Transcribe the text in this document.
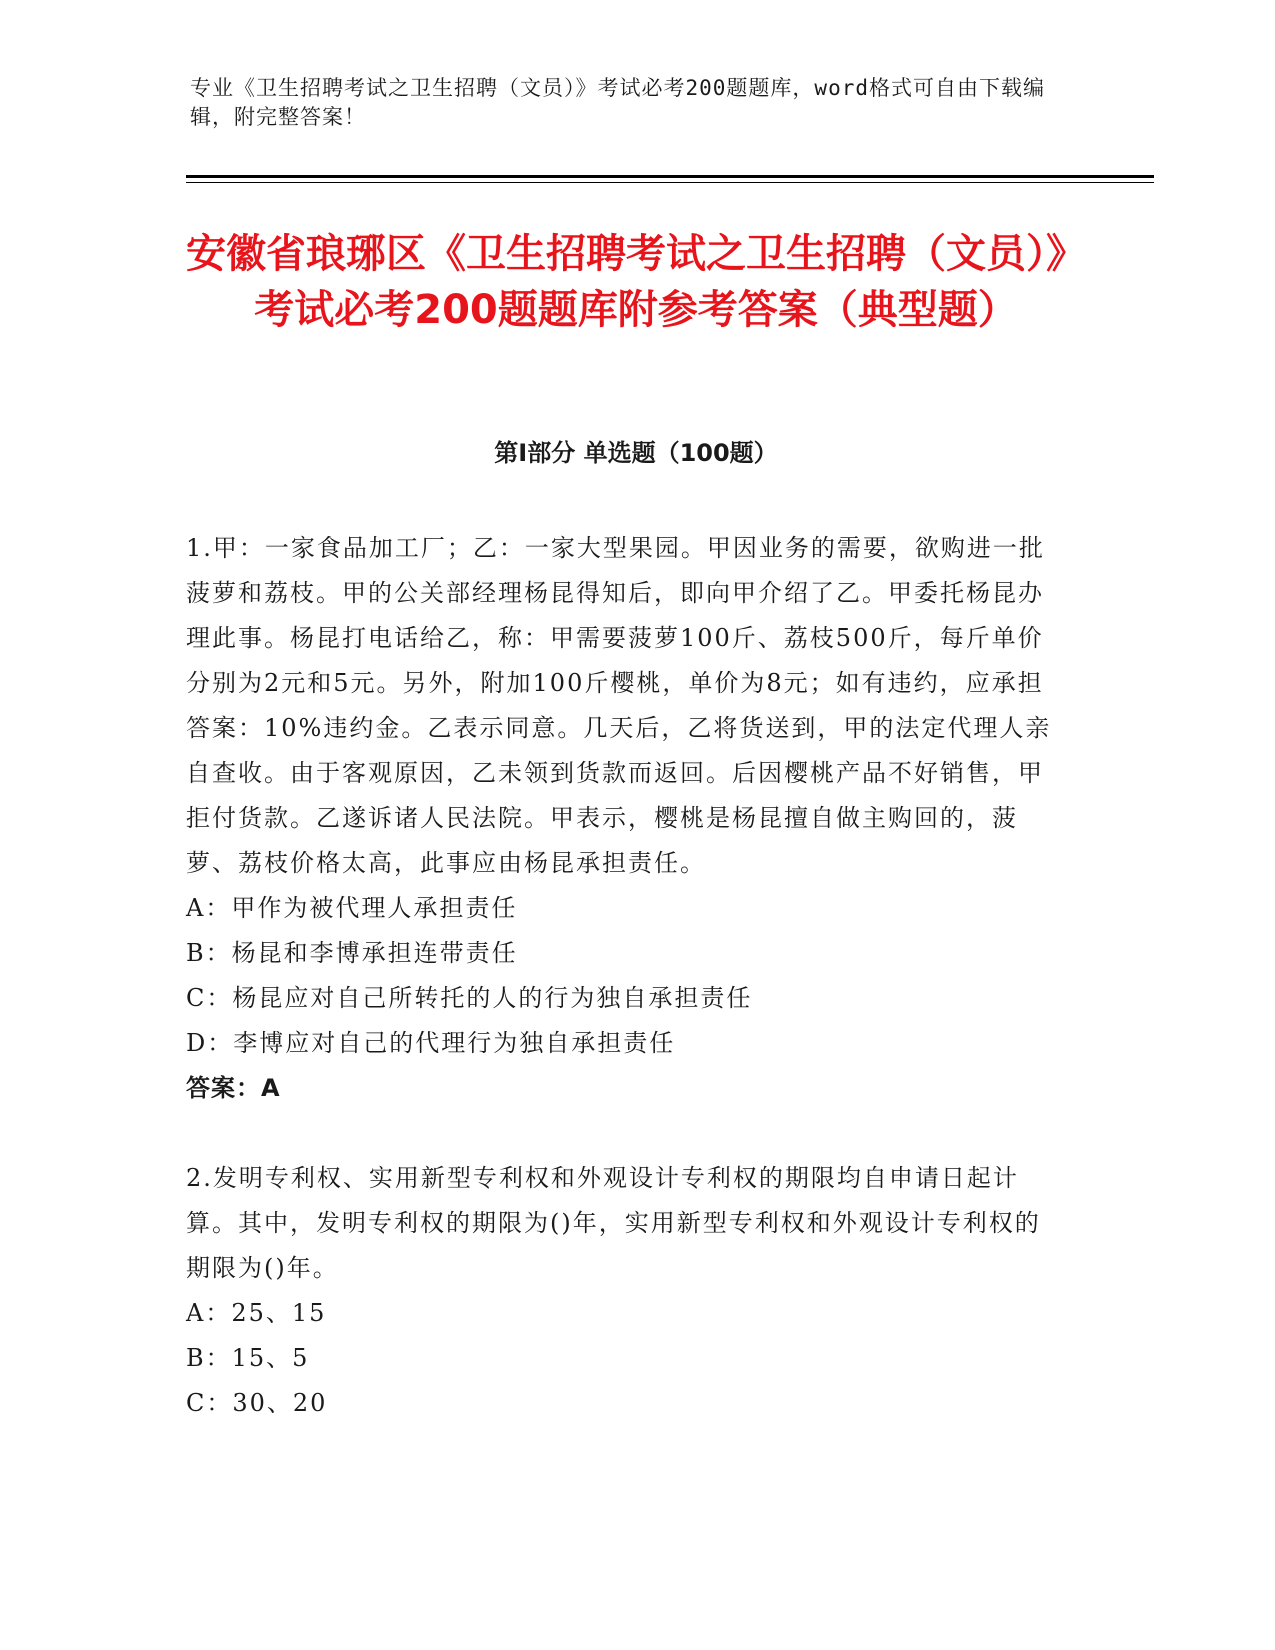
专业《卫生招聘考试之卫生招聘（文员）》考试必考200题题库，word格式可自由下载编辑，附完整答案！
安徽省琅琊区《卫生招聘考试之卫生招聘（文员）》考试必考200题题库附参考答案（典型题）
第I部分 单选题（100题）

1.甲：一家食品加工厂；乙：一家大型果园。甲因业务的需要，欲购进一批菠萝和荔枝。甲的公关部经理杨昆得知后，即向甲介绍了乙。甲委托杨昆办理此事。杨昆打电话给乙，称：甲需要菠萝100斤、荔枝500斤，每斤单价分别为2元和5元。另外，附加100斤樱桃，单价为8元；如有违约，应承担答案：10%违约金。乙表示同意。几天后，乙将货送到，甲的法定代理人亲自查收。由于客观原因，乙未领到货款而返回。后因樱桃产品不好销售，甲拒付货款。乙遂诉诸人民法院。甲表示，樱桃是杨昆擅自做主购回的，菠萝、荔枝价格太高，此事应由杨昆承担责任。

A：甲作为被代理人承担责任

B：杨昆和李博承担连带责任

C：杨昆应对自己所转托的人的行为独自承担责任

D：李博应对自己的代理行为独自承担责任

答案：A

2.发明专利权、实用新型专利权和外观设计专利权的期限均自申请日起计算。其中，发明专利权的期限为()年，实用新型专利权和外观设计专利权的期限为()年。

A：25、15

B：15、5

C：30、20
